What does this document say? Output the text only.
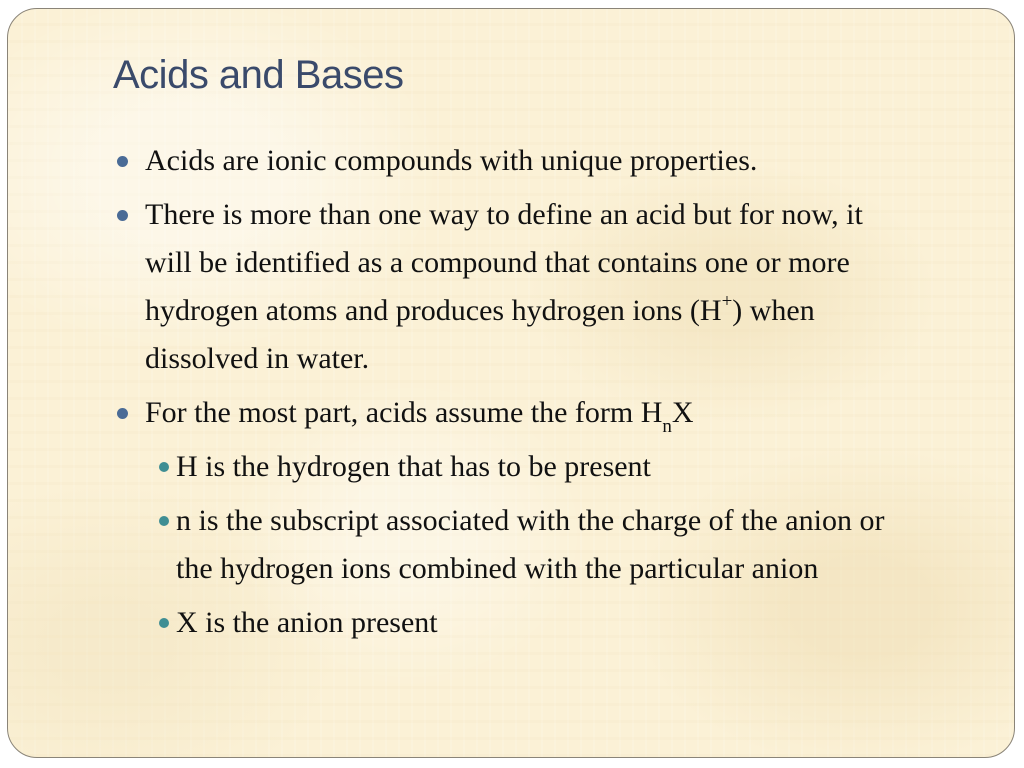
Acids and Bases
Acids are ionic compounds with unique properties.
There is more than one way to define an acid but for now, it will be identified as a compound that contains one or more hydrogen atoms and produces hydrogen ions (H+) when dissolved in water.
For the most part, acids assume the form $H_nX$
H is the hydrogen that has to be present
n is the subscript associated with the charge of the anion or the hydrogen ions combined with the particular anion
X is the anion present
